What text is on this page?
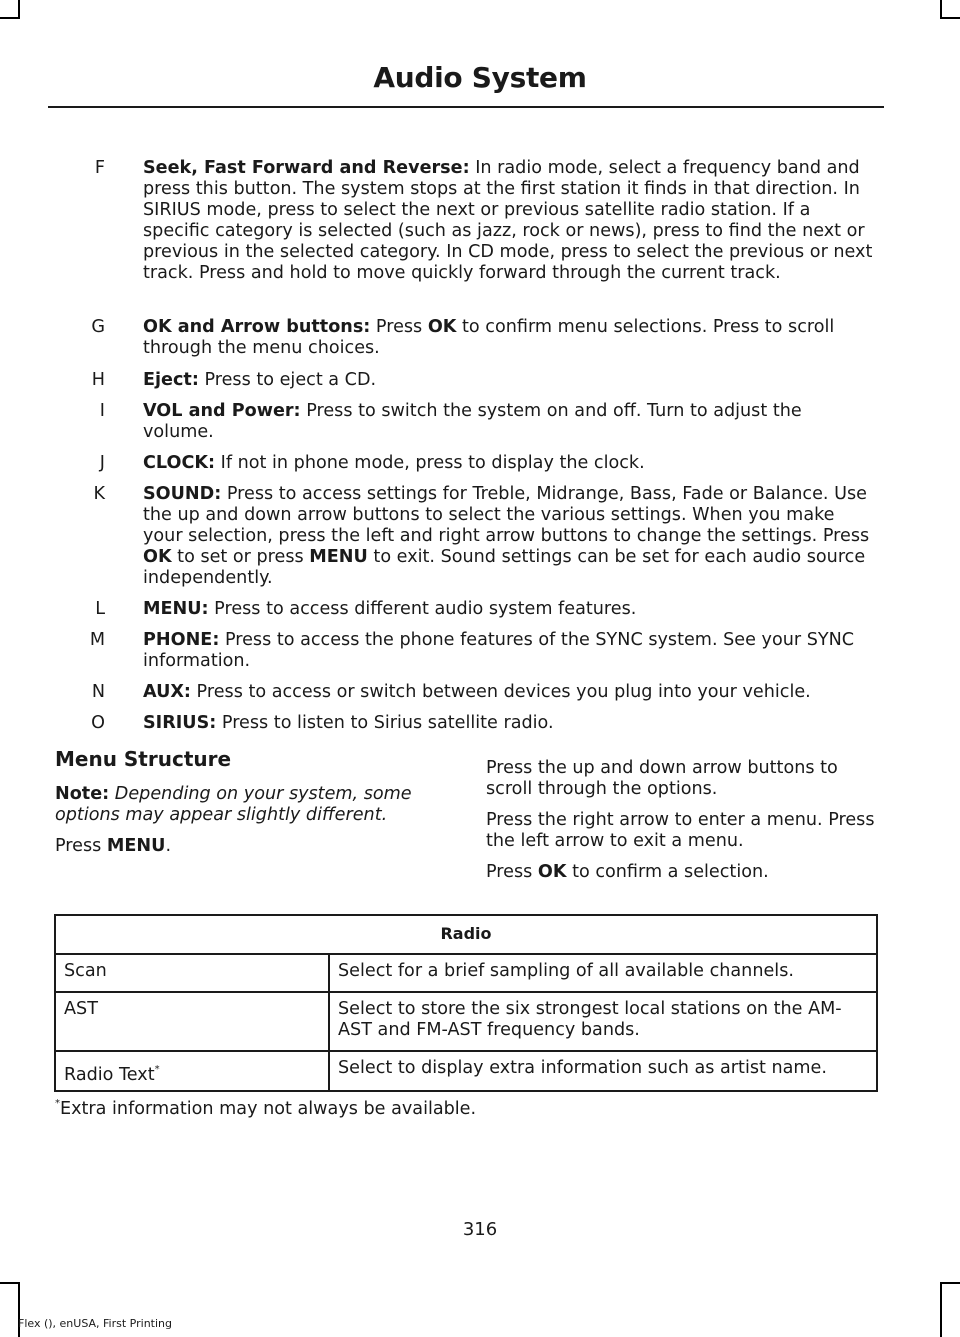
Audio System
F Seek, Fast Forward and Reverse: In radio mode, select a frequency band and press this button. The system stops at the first station it finds in that direction. In SIRIUS mode, press to select the next or previous satellite radio station. If a specific category is selected (such as jazz, rock or news), press to find the next or previous in the selected category. In CD mode, press to select the previous or next track. Press and hold to move quickly forward through the current track.
G OK and Arrow buttons: Press OK to confirm menu selections. Press to scroll through the menu choices.
H Eject: Press to eject a CD.
I VOL and Power: Press to switch the system on and off. Turn to adjust the volume.
J CLOCK: If not in phone mode, press to display the clock.
K SOUND: Press to access settings for Treble, Midrange, Bass, Fade or Balance. Use the up and down arrow buttons to select the various settings. When you make your selection, press the left and right arrow buttons to change the settings. Press OK to set or press MENU to exit. Sound settings can be set for each audio source independently.
L MENU: Press to access different audio system features.
M PHONE: Press to access the phone features of the SYNC system. See your SYNC information.
N AUX: Press to access or switch between devices you plug into your vehicle.
O SIRIUS: Press to listen to Sirius satellite radio.

Menu Structure

Note: Depending on your system, some options may appear slightly different.

Press MENU.

Press the up and down arrow buttons to scroll through the options.

Press the right arrow to enter a menu. Press the left arrow to exit a menu.

Press OK to confirm a selection.

Radio	
Scan	Select for a brief sampling of all available channels.
AST	Select to store the six strongest local stations on the AM-AST and FM-AST frequency bands.
Radio Text*	Select to display extra information such as artist name.
*Extra information may not always be available.
316
Flex (), enUSA, First Printing
